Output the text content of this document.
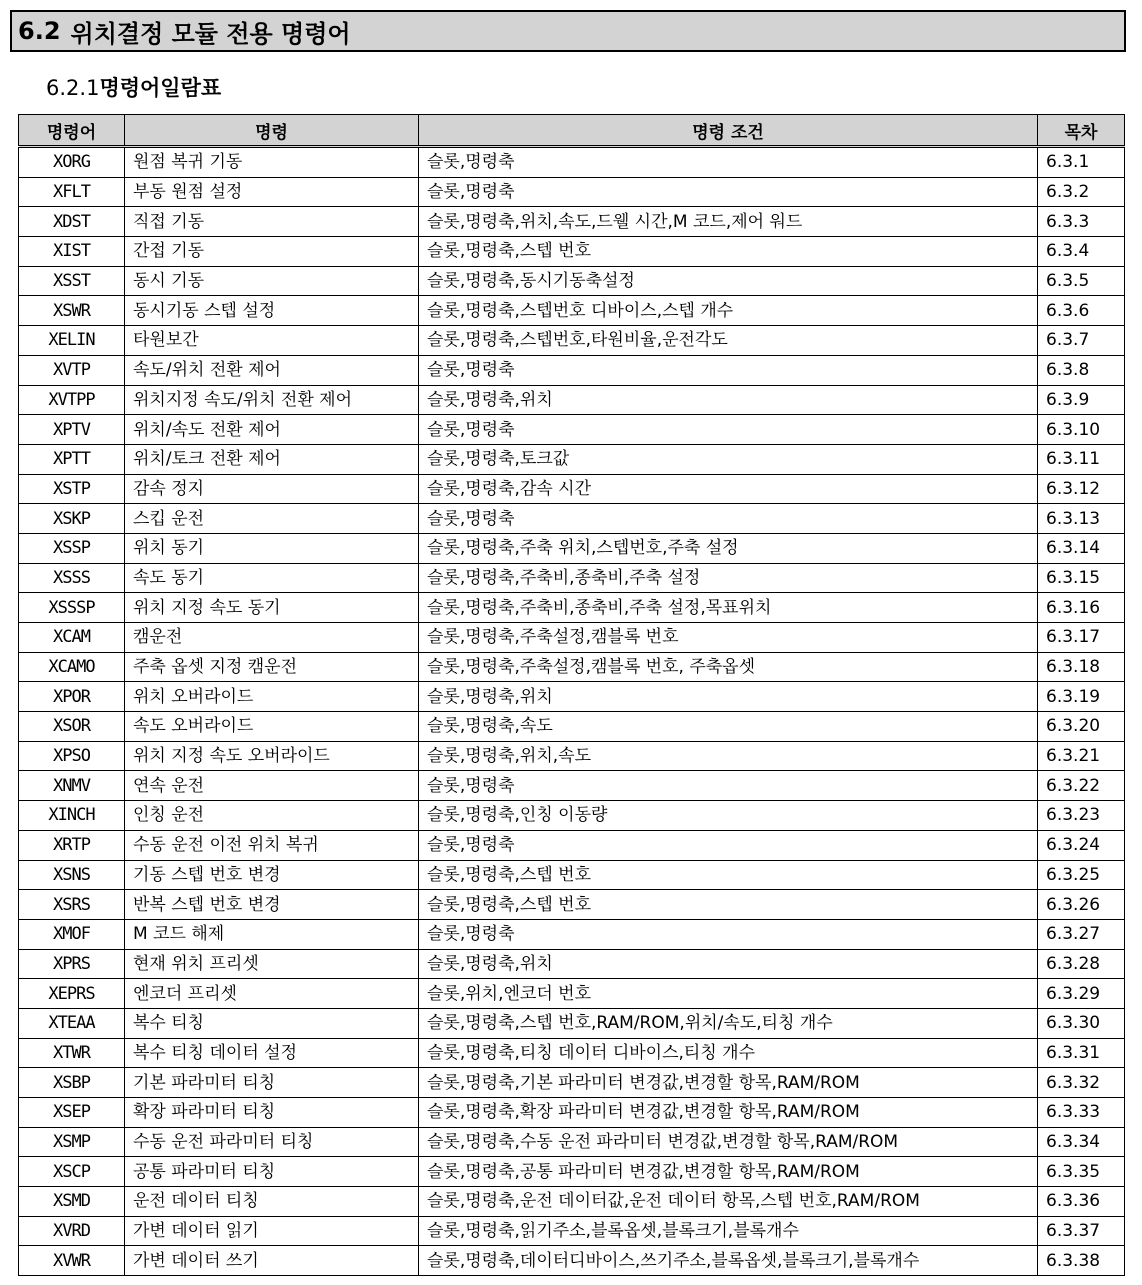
6.2 위치결정 모듈 전용 명령어
6.2.1명령어일람표
명령어	명령	명령 조건	목차
XORG	원점 복귀 기동	슬롯,명령축	6.3.1
XFLT	부동 원점 설정	슬롯,명령축	6.3.2
XDST	직접 기동	슬롯,명령축,위치,속도,드웰 시간,M 코드,제어 워드	6.3.3
XIST	간접 기동	슬롯,명령축,스텝 번호	6.3.4
XSST	동시 기동	슬롯,명령축,동시기동축설정	6.3.5
XSWR	동시기동 스텝 설정	슬롯,명령축,스텝번호 디바이스,스텝 개수	6.3.6
XELIN	타원보간	슬롯,명령축,스텝번호,타원비율,운전각도	6.3.7
XVTP	속도/위치 전환 제어	슬롯,명령축	6.3.8
XVTPP	위치지정 속도/위치 전환 제어	슬롯,명령축,위치	6.3.9
XPTV	위치/속도 전환 제어	슬롯,명령축	6.3.10
XPTT	위치/토크 전환 제어	슬롯,명령축,토크값	6.3.11
XSTP	감속 정지	슬롯,명령축,감속 시간	6.3.12
XSKP	스킵 운전	슬롯,명령축	6.3.13
XSSP	위치 동기	슬롯,명령축,주축 위치,스텝번호,주축 설정	6.3.14
XSSS	속도 동기	슬롯,명령축,주축비,종축비,주축 설정	6.3.15
XSSSP	위치 지정 속도 동기	슬롯,명령축,주축비,종축비,주축 설정,목표위치	6.3.16
XCAM	캠운전	슬롯,명령축,주축설정,캠블록 번호	6.3.17
XCAMO	주축 옵셋 지정 캠운전	슬롯,명령축,주축설정,캠블록 번호, 주축옵셋	6.3.18
XPOR	위치 오버라이드	슬롯,명령축,위치	6.3.19
XSOR	속도 오버라이드	슬롯,명령축,속도	6.3.20
XPSO	위치 지정 속도 오버라이드	슬롯,명령축,위치,속도	6.3.21
XNMV	연속 운전	슬롯,명령축	6.3.22
XINCH	인칭 운전	슬롯,명령축,인칭 이동량	6.3.23
XRTP	수동 운전 이전 위치 복귀	슬롯,명령축	6.3.24
XSNS	기동 스텝 번호 변경	슬롯,명령축,스텝 번호	6.3.25
XSRS	반복 스텝 번호 변경	슬롯,명령축,스텝 번호	6.3.26
XMOF	M 코드 해제	슬롯,명령축	6.3.27
XPRS	현재 위치 프리셋	슬롯,명령축,위치	6.3.28
XEPRS	엔코더 프리셋	슬롯,위치,엔코더 번호	6.3.29
XTEAA	복수 티칭	슬롯,명령축,스텝 번호,RAM/ROM,위치/속도,티칭 개수	6.3.30
XTWR	복수 티칭 데이터 설정	슬롯,명령축,티칭 데이터 디바이스,티칭 개수	6.3.31
XSBP	기본 파라미터 티칭	슬롯,명령축,기본 파라미터 변경값,변경할 항목,RAM/ROM	6.3.32
XSEP	확장 파라미터 티칭	슬롯,명령축,확장 파라미터 변경값,변경할 항목,RAM/ROM	6.3.33
XSMP	수동 운전 파라미터 티칭	슬롯,명령축,수동 운전 파라미터 변경값,변경할 항목,RAM/ROM	6.3.34
XSCP	공통 파라미터 티칭	슬롯,명령축,공통 파라미터 변경값,변경할 항목,RAM/ROM	6.3.35
XSMD	운전 데이터 티칭	슬롯,명령축,운전 데이터값,운전 데이터 항목,스텝 번호,RAM/ROM	6.3.36
XVRD	가변 데이터 읽기	슬롯,명령축,읽기주소,블록옵셋,블록크기,블록개수	6.3.37
XVWR	가변 데이터 쓰기	슬롯,명령축,데이터디바이스,쓰기주소,블록옵셋,블록크기,블록개수	6.3.38
